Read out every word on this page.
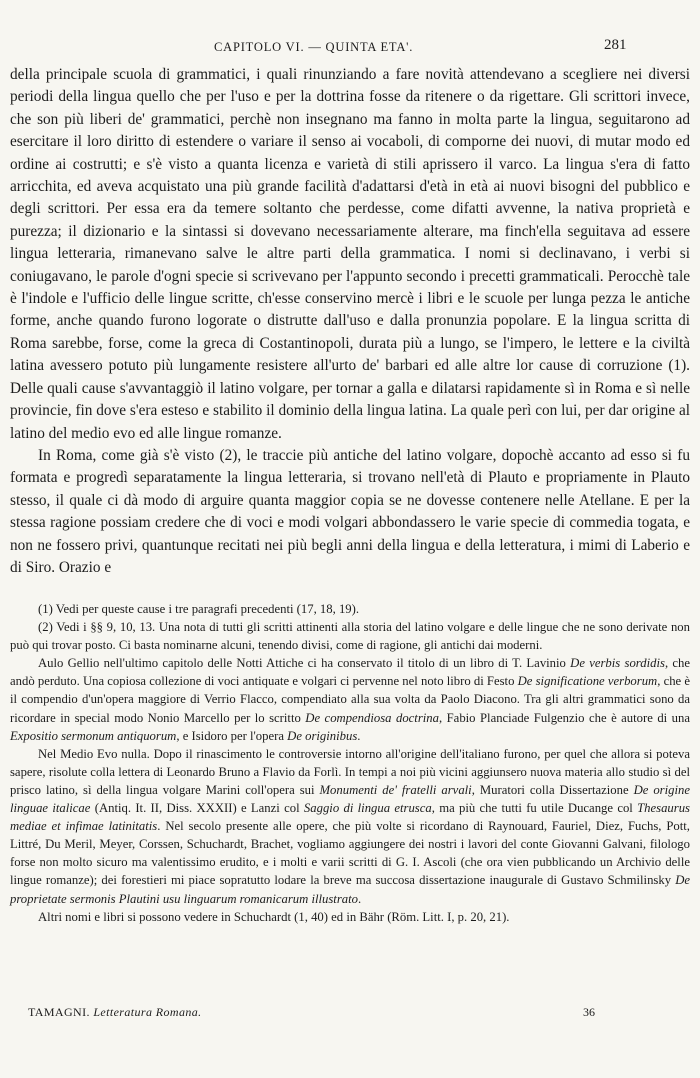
CAPITOLO VI. — QUINTA ETA'.	281

della principale scuola di grammatici, i quali rinunziando a fare novità attendevano a scegliere nei diversi periodi della lingua quello che per l'uso e per la dottrina fosse da ritenere o da rigettare. Gli scrittori invece, che son più liberi de' grammatici, perchè non insegnano ma fanno in molta parte la lingua, seguitarono ad esercitare il loro diritto di estendere o variare il senso ai vocaboli, di comporne dei nuovi, di mutar modo ed ordine ai costrutti; e s'è visto a quanta licenza e varietà di stili aprissero il varco. La lingua s'era di fatto arricchita, ed aveva acquistato una più grande facilità d'adattarsi d'età in età ai nuovi bisogni del pubblico e degli scrittori. Per essa era da temere soltanto che perdesse, come difatti avvenne, la nativa proprietà e purezza; il dizionario e la sintassi si dovevano necessariamente alterare, ma finch'ella seguitava ad essere lingua letteraria, rimanevano salve le altre parti della grammatica. I nomi si declinavano, i verbi si coniugavano, le parole d'ogni specie si scrivevano per l'appunto secondo i precetti grammaticali. Perocchè tale è l'indole e l'ufficio delle lingue scritte, ch'esse conservino mercè i libri e le scuole per lunga pezza le antiche forme, anche quando furono logorate o distrutte dall'uso e dalla pronunzia popolare. E la lingua scritta di Roma sarebbe, forse, come la greca di Costantinopoli, durata più a lungo, se l'impero, le lettere e la civiltà latina avessero potuto più lungamente resistere all'urto de' barbari ed alle altre lor cause di corruzione (1). Delle quali cause s'avvantaggiò il latino volgare, per tornar a galla e dilatarsi rapidamente sì in Roma e sì nelle provincie, fin dove s'era esteso e stabilito il dominio della lingua latina. La quale perì con lui, per dar origine al latino del medio evo ed alle lingue romanze.

In Roma, come già s'è visto (2), le traccie più antiche del latino volgare, dopochè accanto ad esso si fu formata e progredì separatamente la lingua letteraria, si trovano nell'età di Plauto e propriamente in Plauto stesso, il quale ci dà modo di arguire quanta maggior copia se ne dovesse contenere nelle Atellane. E per la stessa ragione possiam credere che di voci e modi volgari abbondassero le varie specie di commedia togata, e non ne fossero privi, quantunque recitati nei più begli anni della lingua e della letteratura, i mimi di Laberio e di Siro. Orazio e

(1) Vedi per queste cause i tre paragrafi precedenti (17, 18, 19).

(2) Vedi i §§ 9, 10, 13. Una nota di tutti gli scritti attinenti alla storia del latino volgare e delle lingue che ne sono derivate non può qui trovar posto. Ci basta nominarne alcuni, tenendo divisi, come di ragione, gli antichi dai moderni.

Aulo Gellio nell'ultimo capitolo delle Notti Attiche ci ha conservato il titolo di un libro di T. Lavinio De verbis sordidis, che andò perduto. Una copiosa collezione di voci antiquate e volgari ci pervenne nel noto libro di Festo De significatione verborum, che è il compendio d'un'opera maggiore di Verrio Flacco, compendiato alla sua volta da Paolo Diacono. Tra gli altri grammatici sono da ricordare in special modo Nonio Marcello per lo scritto De compendiosa doctrina, Fabio Planciade Fulgenzio che è autore di una Expositio sermonum antiquorum, e Isidoro per l'opera De originibus.

Nel Medio Evo nulla. Dopo il rinascimento le controversie intorno all'origine dell'italiano furono, per quel che allora si poteva sapere, risolute colla lettera di Leonardo Bruno a Flavio da Forlì. In tempi a noi più vicini aggiunsero nuova materia allo studio sì del prisco latino, sì della lingua volgare Marini coll'opera sui Monumenti de' fratelli arvali, Muratori colla Dissertazione De origine linguae italicae (Antiq. It. II, Diss. XXXII) e Lanzi col Saggio di lingua etrusca, ma più che tutti fu utile Ducange col Thesaurus mediae et infimae latinitatis. Nel secolo presente alle opere, che più volte si ricordano di Raynouard, Fauriel, Diez, Fuchs, Pott, Littré, Du Meril, Meyer, Corssen, Schuchardt, Brachet, vogliamo aggiungere dei nostri i lavori del conte Giovanni Galvani, filologo forse non molto sicuro ma valentissimo erudito, e i molti e varii scritti di G. I. Ascoli (che ora vien pubblicando un Archivio delle lingue romanze); dei forestieri mi piace sopratutto lodare la breve ma succosa dissertazione inaugurale di Gustavo Schmilinsky De proprietate sermonis Plautini usu linguarum romanicarum illustrato.

Altri nomi e libri si possono vedere in Schuchardt (1, 40) ed in Bähr (Röm. Litt. I, p. 20, 21).

TAMAGNI. Letteratura Romana.	36
